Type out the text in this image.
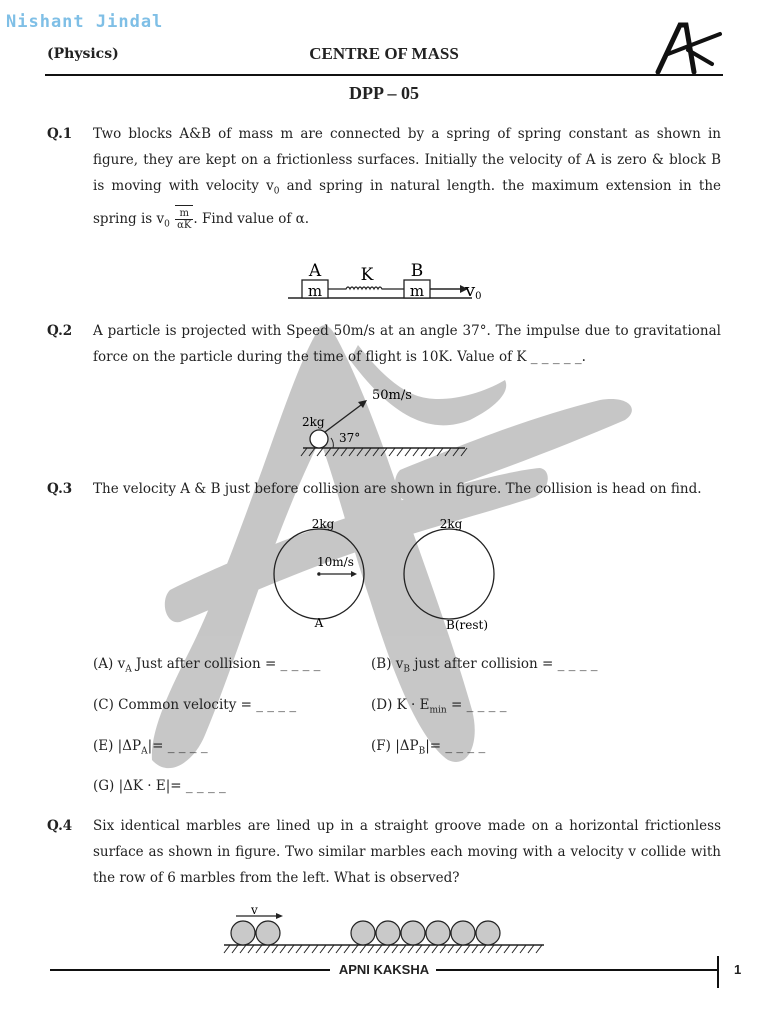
Nishant Jindal
(Physics)	CENTRE OF MASS
DPP – 05
Q.1 Two blocks A&B of mass m are connected by a spring of spring constant as shown in figure, they are kept on a frictionless surfaces. Initially the velocity of A is zero & block B is moving with velocity $v_0$ and spring in natural length. the maximum extension in the spring is $v_0 \frac{m}{\alpha K}$ . Find value of α.
A K B
m	m v0
Q.2 A particle is projected with Speed 50m/s at an angle 37°. The impulse due to gravitational force on the particle during the time of flight is 10K. Value of K _ _ _ _ _.
50m/s
2kg
37°
Q.3 The velocity A & B just before collision are shown in figure. The collision is head on find.
2kg	2kg
10m/s
A	B(rest)
(A) $v_A$ Just after collision = _ _ _ _	(B) $v_B$ just after collision = _ _ _ _
(C) Common velocity = _ _ _ _	(D) $K \cdot E_{min}$ = _ _ _ _
(E) $|\Delta P_A|=$ _ _ _ _	(F) $|\Delta P_B|=$ _ _ _ _
(G) |ΔK · E|= _ _ _ _
Q.4 Six identical marbles are lined up in a straight groove made on a horizontal frictionless surface as shown in figure. Two similar marbles each moving with a velocity v collide with the row of 6 marbles from the left. What is observed?
v
APNI KAKSHA	1
